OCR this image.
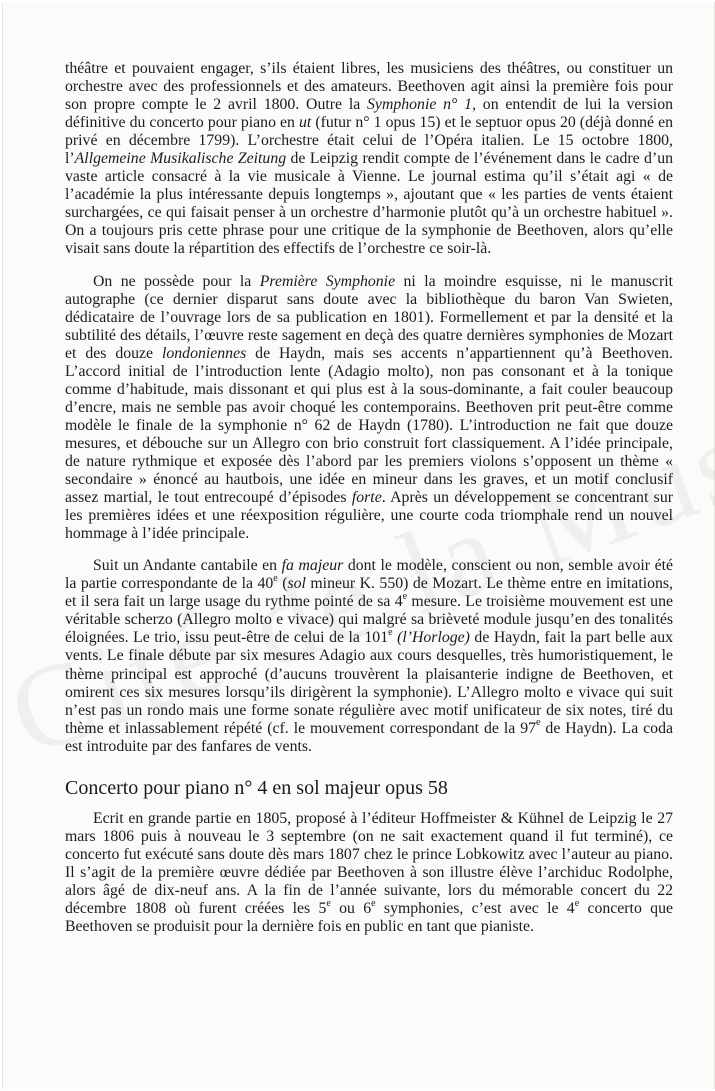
théâtre et pouvaient engager, s’ils étaient libres, les musiciens des théâtres, ou constituer un orchestre avec des professionnels et des amateurs. Beethoven agit ainsi la première fois pour son propre compte le 2 avril 1800. Outre la Symphonie n° 1, on entendit de lui la version définitive du concerto pour piano en ut (futur n° 1 opus 15) et le septuor opus 20 (déjà donné en privé en décembre 1799). L’orchestre était celui de l’Opéra italien. Le 15 octobre 1800, l’Allgemeine Musikalische Zeitung de Leipzig rendit compte de l’événement dans le cadre d’un vaste article consacré à la vie musicale à Vienne. Le journal estima qu’il s’était agi « de l’académie la plus intéressante depuis longtemps », ajoutant que « les parties de vents étaient surchargées, ce qui faisait penser à un orchestre d’harmonie plutôt qu’à un orchestre habituel ». On a toujours pris cette phrase pour une critique de la symphonie de Beethoven, alors qu’elle visait sans doute la répartition des effectifs de l’orchestre ce soir-là.

On ne possède pour la Première Symphonie ni la moindre esquisse, ni le manuscrit autographe (ce dernier disparut sans doute avec la bibliothèque du baron Van Swieten, dédicataire de l’ouvrage lors de sa publication en 1801). Formellement et par la densité et la subtilité des détails, l’œuvre reste sagement en deçà des quatre dernières symphonies de Mozart et des douze londoniennes de Haydn, mais ses accents n’appartiennent qu’à Beethoven. L’accord initial de l’introduction lente (Adagio molto), non pas consonant et à la tonique comme d’habitude, mais dissonant et qui plus est à la sous-dominante, a fait couler beaucoup d’encre, mais ne semble pas avoir choqué les contemporains. Beethoven prit peut-être comme modèle le finale de la symphonie n° 62 de Haydn (1780). L’introduction ne fait que douze mesures, et débouche sur un Allegro con brio construit fort classiquement. A l’idée principale, de nature rythmique et exposée dès l’abord par les premiers violons s’opposent un thème « secondaire » énoncé au hautbois, une idée en mineur dans les graves, et un motif conclusif assez martial, le tout entrecoupé d’épisodes forte. Après un développement se concentrant sur les premières idées et une réexposition régulière, une courte coda triomphale rend un nouvel hommage à l’idée principale.

Suit un Andante cantabile en fa majeur dont le modèle, conscient ou non, semble avoir été la partie correspondante de la 40e (sol mineur K. 550) de Mozart. Le thème entre en imitations, et il sera fait un large usage du rythme pointé de sa 4e mesure. Le troisième mouvement est une véritable scherzo (Allegro molto e vivace) qui malgré sa brièveté module jusqu’en des tonalités éloignées. Le trio, issu peut-être de celui de la 101e (l’Horloge) de Haydn, fait la part belle aux vents. Le finale débute par six mesures Adagio aux cours desquelles, très humoristiquement, le thème principal est approché (d’aucuns trouvèrent la plaisanterie indigne de Beethoven, et omirent ces six mesures lorsqu’ils dirigèrent la symphonie). L’Allegro molto e vivace qui suit n’est pas un rondo mais une forme sonate régulière avec motif unificateur de six notes, tiré du thème et inlassablement répété (cf. le mouvement correspondant de la 97e de Haydn). La coda est introduite par des fanfares de vents.

Concerto pour piano n° 4 en sol majeur opus 58

Ecrit en grande partie en 1805, proposé à l’éditeur Hoffmeister & Kühnel de Leipzig le 27 mars 1806 puis à nouveau le 3 septembre (on ne sait exactement quand il fut terminé), ce concerto fut exécuté sans doute dès mars 1807 chez le prince Lobkowitz avec l’auteur au piano. Il s’agit de la première œuvre dédiée par Beethoven à son illustre élève l’archiduc Rodolphe, alors âgé de dix-neuf ans. A la fin de l’année suivante, lors du mémorable concert du 22 décembre 1808 où furent créées les 5e ou 6e symphonies, c’est avec le 4e concerto que Beethoven se produisit pour la dernière fois en public en tant que pianiste.
